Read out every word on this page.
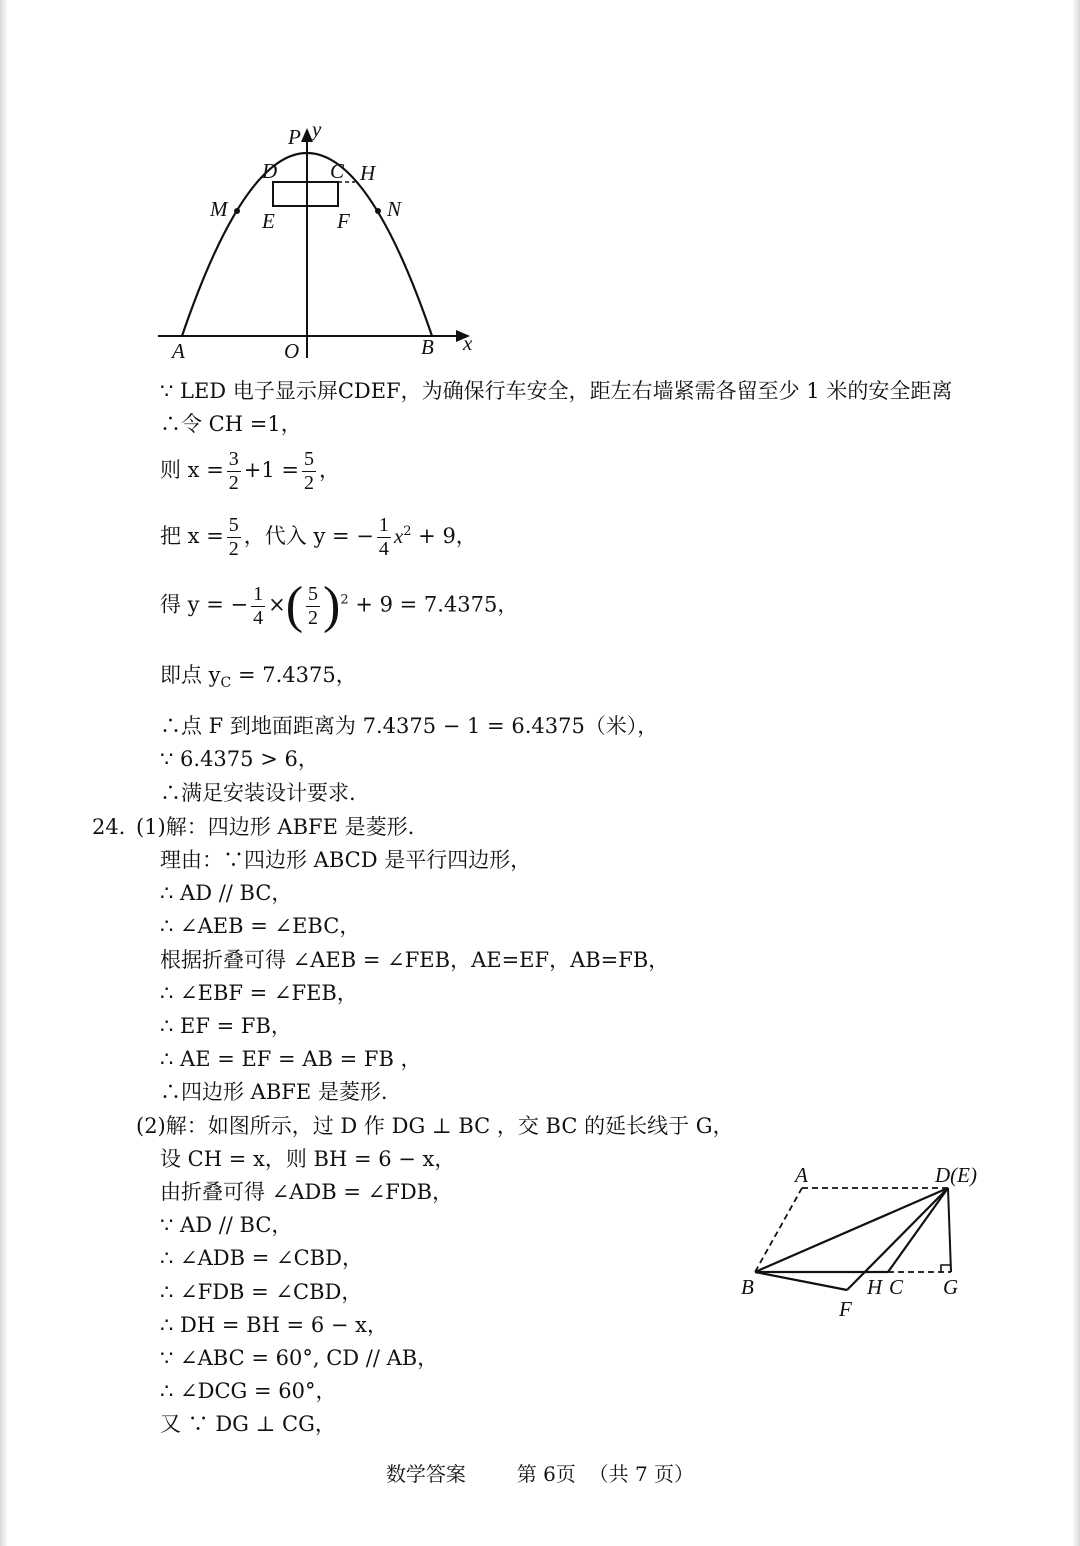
P y
D	C H
M	N
E	F
A	O	B x
∵ LED 电子显示屏CDEF，为确保行车安全，距左右墙紧需各留至少 1 米的安全距离
∴令 CH =1，
则 $x = \frac{3}{2} +1 = \frac{5}{2}$ ，
把 $x = \frac{5}{2}$ ，代入 y = − $\frac{1}{4} x^2 + 9$，
得 y = − $\frac{1}{4}$ ×( $\frac{5}{2} )^2 + 9 = 7.4375$，
即点 $y_C = 7.4375$，
∴点 F 到地面距离为 7.4375 − 1 = 6.4375（米），
∵ 6.4375 > 6，
∴满足安装设计要求.
24．
(1)解：四边形 ABFE 是菱形.
理由：∵四边形 ABCD 是平行四边形，
∴ AD // BC，
∴ ∠AEB = ∠EBC，
根据折叠可得 ∠AEB = ∠FEB，AE=EF，AB=FB，
∴ ∠EBF = ∠FEB，
∴ EF = FB，
∴ AE = EF = AB = FB ，
∴四边形 ABFE 是菱形.
(2)解：如图所示，过 D 作 DG ⊥ BC ，交 BC 的延长线于 G，
设 CH = x，则 BH = 6 − x，
由折叠可得 ∠ADB = ∠FDB，
∵ AD // BC，
∴ ∠ADB = ∠CBD，
∴ ∠FDB = ∠CBD，
∴ DH = BH = 6 − x，
∵ ∠ABC = 60°, CD // AB，
∴ ∠DCG = 60°，
又 ∵ DG ⊥ CG，
A	D(E)
B	H C G
F
数学答案        第 6页  （共 7 页）
